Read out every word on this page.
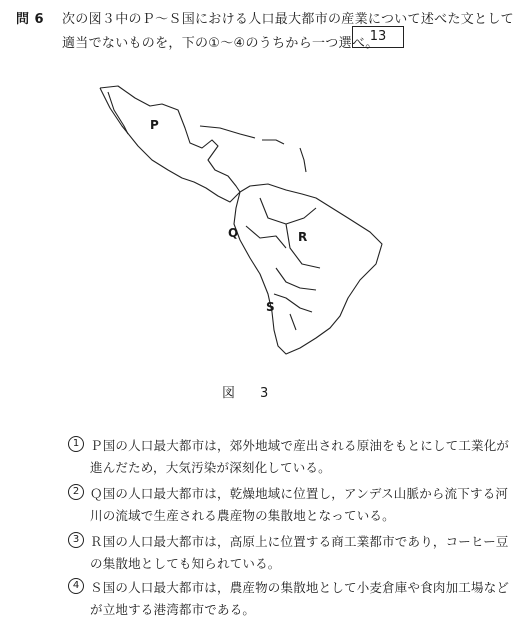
問 6 次の図３中のＰ～Ｓ国における人口最大都市の産業について述べた文として
適当でないものを，下の①～④のうちから一つ選べ。
13
P
Q	R
S
図　3
1 Ｐ国の人口最大都市は，郊外地域で産出される原油をもとにして工業化が
進んだため，大気汚染が深刻化している。
2 Ｑ国の人口最大都市は，乾燥地域に位置し，アンデス山脈から流下する河
川の流域で生産される農産物の集散地となっている。
3 Ｒ国の人口最大都市は，高原上に位置する商工業都市であり，コーヒー豆
の集散地としても知られている。
4 Ｓ国の人口最大都市は，農産物の集散地として小麦倉庫や食肉加工場など
が立地する港湾都市である。
